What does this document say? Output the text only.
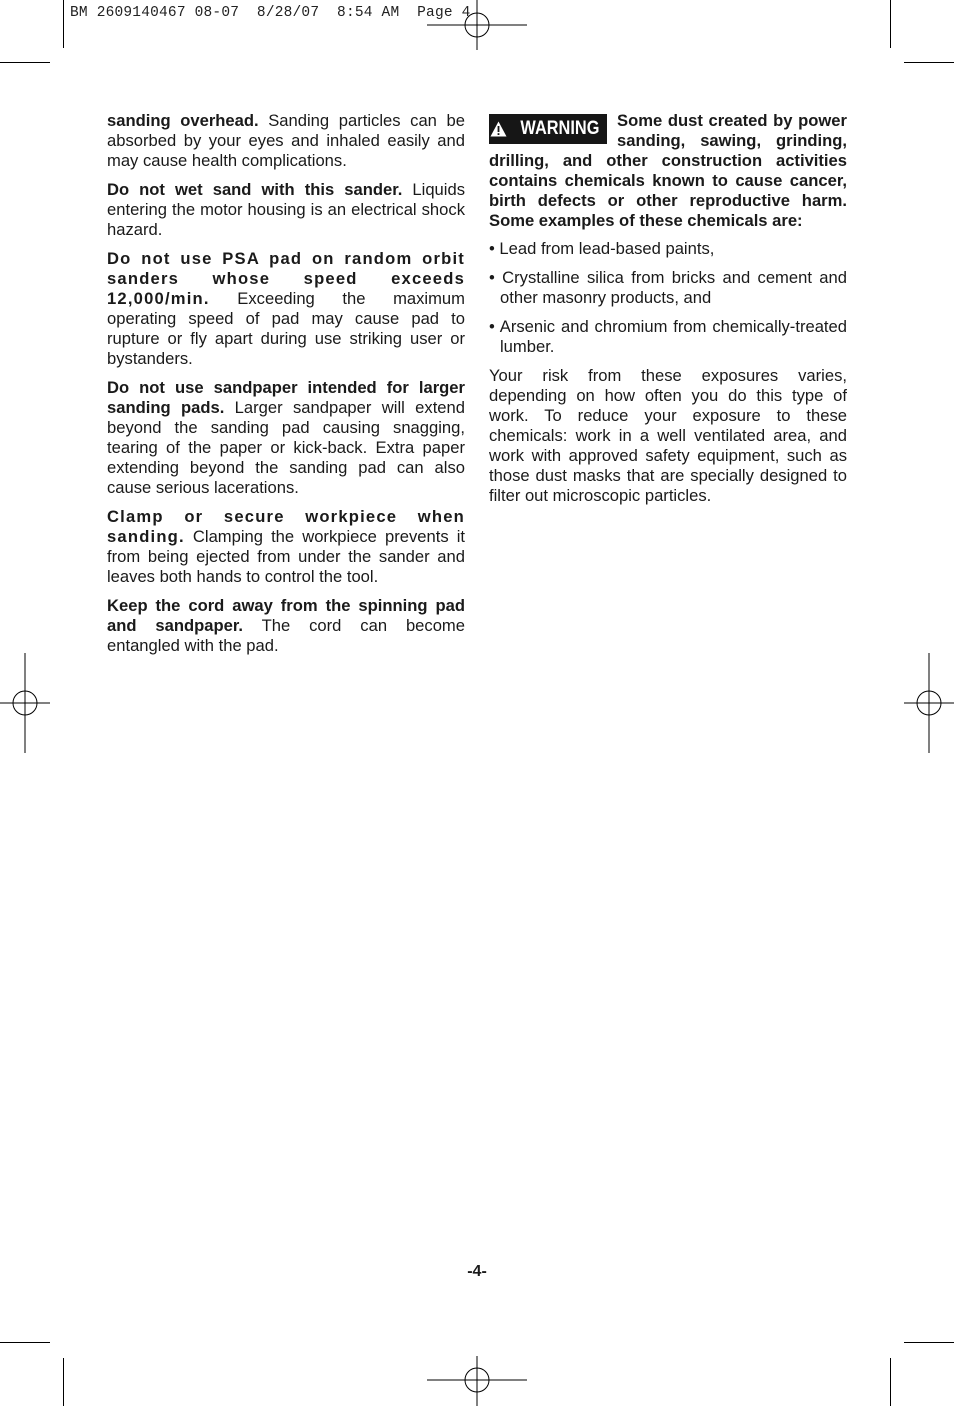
BM 2609140467 08-07  8/28/07  8:54 AM  Page 4

sanding overhead. Sanding particles can be absorbed by your eyes and inhaled easily and may cause health complications.

Do not wet sand with this sander. Liquids entering the motor housing is an electrical shock hazard.

Do not use PSA pad on random orbit sanders whose speed exceeds 12,000/min. Exceeding the maximum operating speed of pad may cause pad to rupture or fly apart during use striking user or bystanders.

Do not use sandpaper intended for larger sanding pads. Larger sandpaper will extend beyond the sanding pad causing snagging, tearing of the paper or kick-back. Extra paper extending beyond the sanding pad can also cause serious lacerations.

Clamp or secure workpiece when sanding. Clamping the workpiece prevents it from being ejected from under the sander and leaves both hands to control the tool.

Keep the cord away from the spinning pad and sandpaper. The cord can become entangled with the pad.

WARNING Some dust created by power sanding, sawing, grinding, drilling, and other construction activities contains chemicals known to cause cancer, birth defects or other reproductive harm. Some examples of these chemicals are:

• Lead from lead-based paints,

• Crystalline silica from bricks and cement and other masonry products, and

• Arsenic and chromium from chemically-treated lumber.

Your risk from these exposures varies, depending on how often you do this type of work. To reduce your exposure to these chemicals: work in a well ventilated area, and work with approved safety equipment, such as those dust masks that are specially designed to filter out microscopic particles.

-4-
